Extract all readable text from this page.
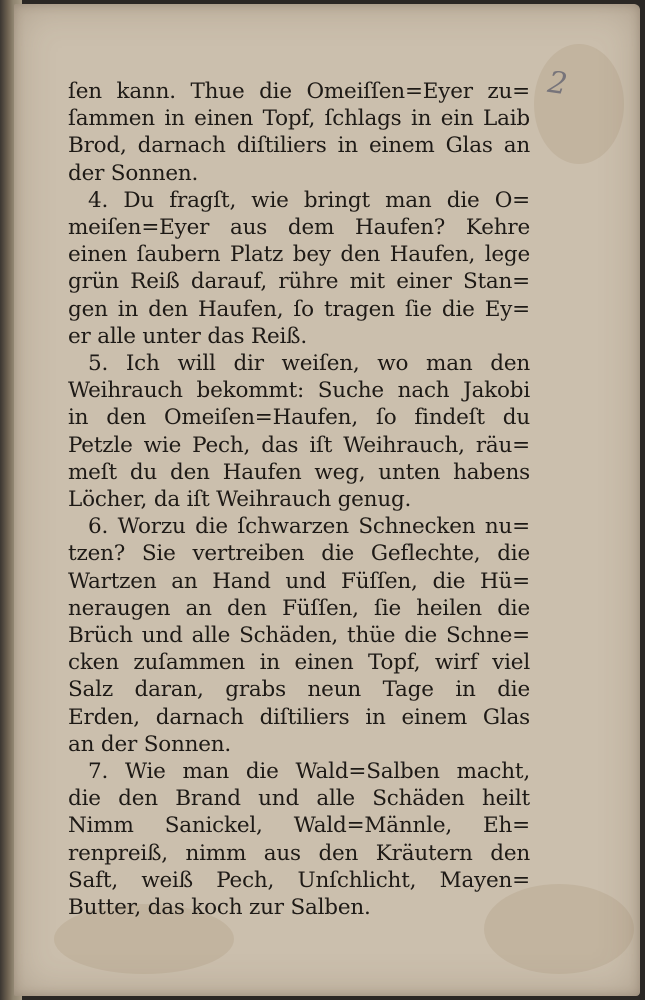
2
ſen kann. Thue die Omeiſſen=Eyer zu=
ſammen in einen Topf, ſchlags in ein Laib
Brod, darnach diſtiliers in einem Glas an
der Sonnen.
4. Du fragſt, wie bringt man die O=
meiſen=Eyer aus dem Haufen? Kehre
einen ſaubern Platz bey den Haufen, lege
grün Reiß darauf, rühre mit einer Stan=
gen in den Haufen, ſo tragen ſie die Ey=
er alle unter das Reiß.
5. Ich will dir weiſen, wo man den
Weihrauch bekommt: Suche nach Jakobi
in den Omeiſen=Haufen, ſo findeſt du
Petzle wie Pech, das iſt Weihrauch, räu=
meſt du den Haufen weg, unten habens
Löcher, da iſt Weihrauch genug.
6. Worzu die ſchwarzen Schnecken nu=
tzen? Sie vertreiben die Geflechte, die
Wartzen an Hand und Füſſen, die Hü=
neraugen an den Füſſen, ſie heilen die
Brüch und alle Schäden, thüe die Schne=
cken zuſammen in einen Topf, wirf viel
Salz daran, grabs neun Tage in die
Erden, darnach diſtiliers in einem Glas
an der Sonnen.
7. Wie man die Wald=Salben macht,
die den Brand und alle Schäden heilt
Nimm Sanickel, Wald=Männle, Eh=
renpreiß, nimm aus den Kräutern den
Saft, weiß Pech, Unſchlicht, Mayen=
Butter, das koch zur Salben.
